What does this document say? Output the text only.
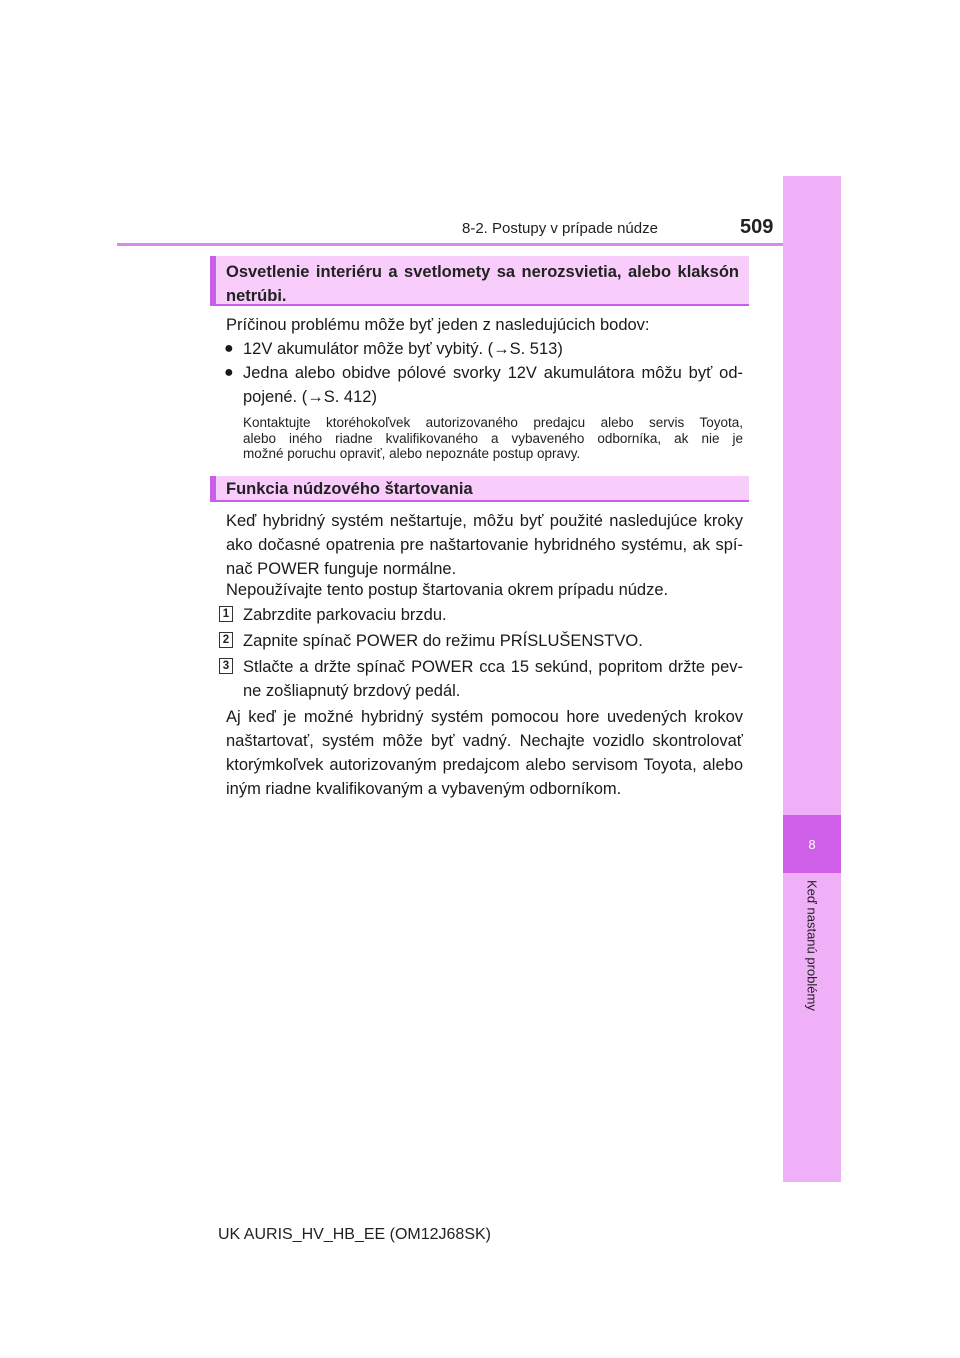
8-2. Postupy v prípade núdze	509
8
Keď nastanú problémy
Osvetlenie interiéru a svetlomety sa nerozsvietia, alebo klaksón netrúbi.
Príčinou problému môže byť jeden z nasledujúcich bodov:
● 12V akumulátor môže byť vybitý. (→S. 513)
● Jedna alebo obidve pólové svorky 12V akumulátora môžu byť od-
pojené. (→S. 412)
Kontaktujte ktoréhokoľvek autorizovaného predajcu alebo servis Toyota,
alebo iného riadne kvalifikovaného a vybaveného odborníka, ak nie je
možné poruchu opraviť, alebo nepoznáte postup opravy.
Funkcia núdzového štartovania
Keď hybridný systém neštartuje, môžu byť použité nasledujúce kroky
ako dočasné opatrenia pre naštartovanie hybridného systému, ak spí-
nač POWER funguje normálne.
Nepoužívajte tento postup štartovania okrem prípadu núdze.
1 Zabrzdite parkovaciu brzdu.
2 Zapnite spínač POWER do režimu PRÍSLUŠENSTVO.
3 Stlačte a držte spínač POWER cca 15 sekúnd, popritom držte pev-
ne zošliapnutý brzdový pedál.
Aj keď je možné hybridný systém pomocou hore uvedených krokov
naštartovať, systém môže byť vadný. Nechajte vozidlo skontrolovať
ktorýmkoľvek autorizovaným predajcom alebo servisom Toyota, alebo
iným riadne kvalifikovaným a vybaveným odborníkom.
UK AURIS_HV_HB_EE (OM12J68SK)
